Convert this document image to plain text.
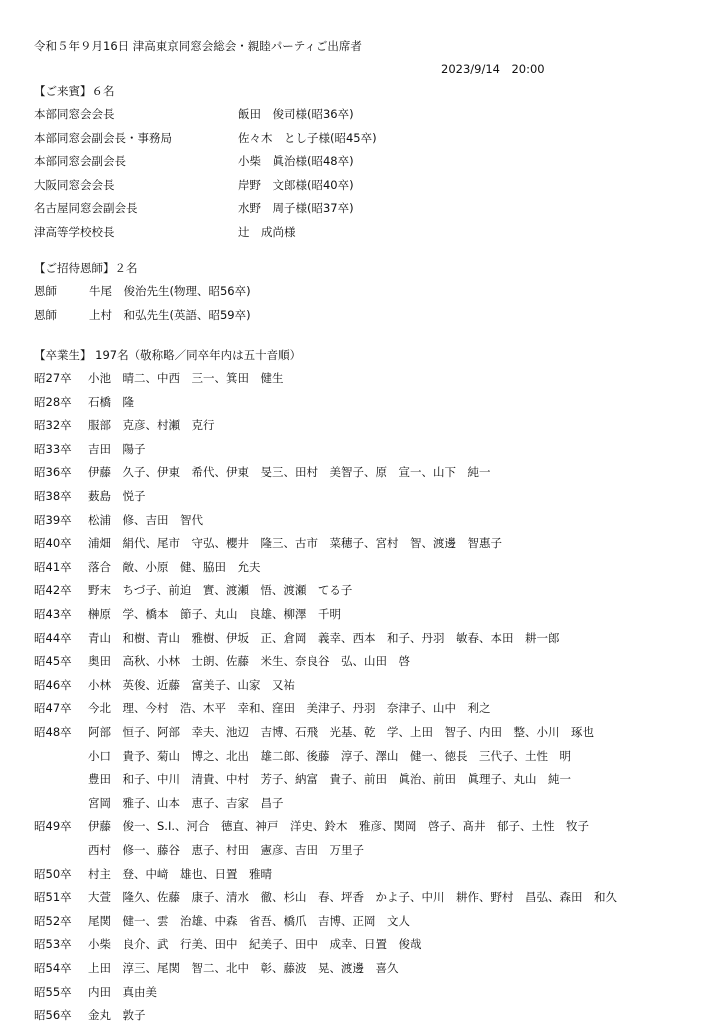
令和５年９月16日 津高東京同窓会総会・親睦パーティご出席者
2023/9/14　20:00
【ご来賓】６名
本部同窓会会長	飯田　俊司様(昭36卒)
本部同窓会副会長・事務局	佐々木　とし子様(昭45卒)
本部同窓会副会長	小柴　眞治様(昭48卒)
大阪同窓会会長	岸野　文郎様(昭40卒)
名古屋同窓会副会長	水野　周子様(昭37卒)
津高等学校校長	辻　成尚様
【ご招待恩師】２名
恩師	牛尾　俊治先生(物理、昭56卒)
恩師	上村　和弘先生(英語、昭59卒)
【卒業生】 197名（敬称略／同卒年内は五十音順）
昭27卒 小池　晴二、中西　三一、箕田　健生
昭28卒 石橋　隆
昭32卒 服部　克彦、村瀬　克行
昭33卒 吉田　陽子
昭36卒 伊藤　久子、伊東　希代、伊東　旻三、田村　美智子、原　宣一、山下　純一
昭38卒 薮島　悦子
昭39卒 松浦　修、吉田　智代
昭40卒 浦畑　絹代、尾市　守弘、櫻井　隆三、古市　菜穂子、宮村　智、渡邊　智惠子
昭41卒 落合　敞、小原　健、脇田　允夫
昭42卒 野末　ちづ子、前迫　實、渡瀬　悟、渡瀬　てる子
昭43卒 榊原　学、橋本　節子、丸山　良雄、柳澤　千明
昭44卒 青山　和樹、青山　雅樹、伊坂　正、倉岡　義幸、西本　和子、丹羽　敏春、本田　耕一郎
昭45卒 奥田　高秋、小林　士朗、佐藤　米生、奈良谷　弘、山田　啓
昭46卒 小林　英俊、近藤　富美子、山家　又祐
昭47卒 今北　理、今村　浩、木平　幸和、窪田　美津子、丹羽　奈津子、山中　利之
昭48卒 阿部　恒子、阿部　幸夫、池辺　吉博、石飛　光基、乾　学、上田　智子、内田　整、小川　琢也
小口　貴予、菊山　博之、北出　雄二郎、後藤　淳子、澤山　健一、徳長　三代子、土性　明
豊田　和子、中川　清貴、中村　芳子、納富　貴子、前田　眞治、前田　眞理子、丸山　純一
宮岡　雅子、山本　恵子、吉家　昌子
昭49卒 伊藤　俊一、S.I.、河合　德直、神戸　洋史、鈴木　雅彦、関岡　啓子、髙井　郁子、土性　牧子
西村　修一、藤谷　恵子、村田　憲彦、吉田　万里子
昭50卒 村主　登、中﨑　雄也、日置　雅晴
昭51卒 大萱　隆久、佐藤　康子、清水　徹、杉山　春、坪香　かよ子、中川　耕作、野村　昌弘、森田　和久
昭52卒 尾関　健一、雲　治雄、中森　省吾、橋爪　吉博、正岡　文人
昭53卒 小柴　良介、武　行美、田中　紀美子、田中　成幸、日置　俊哉
昭54卒 上田　淳三、尾関　智二、北中　彰、藤波　晃、渡邊　喜久
昭55卒 内田　真由美
昭56卒 金丸　敦子
